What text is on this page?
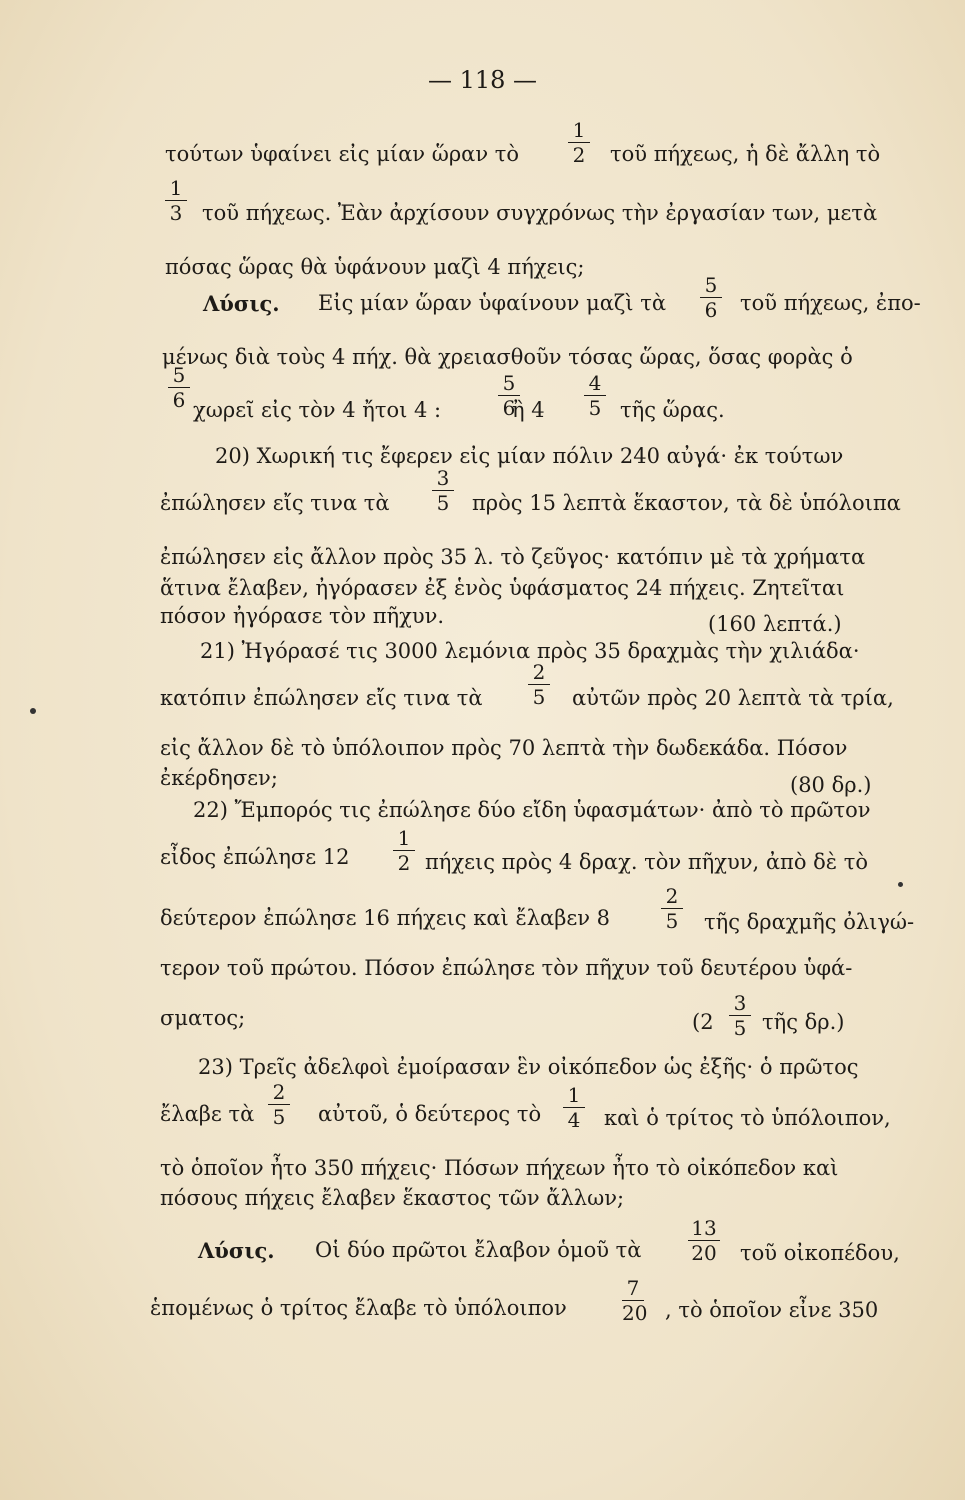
— 118 —
τούτων ὑφαίνει εἰς μίαν ὥραν τὸ	τοῦ πήχεως, ἡ δὲ ἄλλη τὸ
τοῦ πήχεως. Ἐὰν ἀρχίσουν συγχρόνως τὴν ἐργασίαν των, μετὰ
πόσας ὥρας θὰ ὑφάνουν μαζὶ 4 πήχεις;
Λύσις. Εἰς μίαν ὥραν ὑφαίνουν μαζὶ τὰ	τοῦ πήχεως, ἐπο-
μένως διὰ τοὺς 4 πήχ. θὰ χρειασθοῦν τόσας ὥρας, ὅσας φορὰς ὁ
χωρεῖ εἰς τὸν 4 ἤτοι 4 :	ἢ 4	τῆς ὥρας.
20) Χωρική τις ἔφερεν εἰς μίαν πόλιν 240 αὐγά· ἐκ τούτων
ἐπώλησεν εἴς τινα τὰ	πρὸς 15 λεπτὰ ἕκαστον, τὰ δὲ ὑπόλοιπα
ἐπώλησεν εἰς ἄλλον πρὸς 35 λ. τὸ ζεῦγος· κατόπιν μὲ τὰ χρήματα
ἅτινα ἔλαβεν, ἠγόρασεν ἐξ ἑνὸς ὑφάσματος 24 πήχεις. Ζητεῖται
πόσον ἠγόρασε τὸν πῆχυν.	(160 λεπτά.)
21) Ἠγόρασέ τις 3000 λεμόνια πρὸς 35 δραχμὰς τὴν χιλιάδα·
κατόπιν ἐπώλησεν εἴς τινα τὰ	αὐτῶν πρὸς 20 λεπτὰ τὰ τρία,
εἰς ἄλλον δὲ τὸ ὑπόλοιπον πρὸς 70 λεπτὰ τὴν δωδεκάδα. Πόσον
ἐκέρδησεν;	(80 δρ.)
22) Ἔμπορός τις ἐπώλησε δύο εἴδη ὑφασμάτων· ἀπὸ τὸ πρῶτον
εἶδος ἐπώλησε 12	πήχεις πρὸς 4 δραχ. τὸν πῆχυν, ἀπὸ δὲ τὸ
δεύτερον ἐπώλησε 16 πήχεις καὶ ἔλαβεν 8	τῆς δραχμῆς ὀλιγώ-
τερον τοῦ πρώτου. Πόσον ἐπώλησε τὸν πῆχυν τοῦ δευτέρου ὑφά-
σματος;	(2 τῆς δρ.)
23) Τρεῖς ἀδελφοὶ ἐμοίρασαν ἓν οἰκόπεδον ὡς ἐξῆς· ὁ πρῶτος
ἔλαβε τὰ	αὐτοῦ, ὁ δεύτερος τὸ	καὶ ὁ τρίτος τὸ ὑπόλοιπον,
τὸ ὁποῖον ἦτο 350 πήχεις· Πόσων πήχεων ἦτο τὸ οἰκόπεδον καὶ
πόσους πήχεις ἔλαβεν ἕκαστος τῶν ἄλλων;
Λύσις. Οἱ δύο πρῶτοι ἔλαβον ὁμοῦ τὰ	τοῦ οἰκοπέδου,
ἑπομένως ὁ τρίτος ἔλαβε τὸ ὑπόλοιπον	, τὸ ὁποῖον εἶνε 350
1
2
1
3
5
6
5
6
5
6
4
5
3
5
2
5
1
2
2
5
3
5
2
5
1
4
13
20
7
20
